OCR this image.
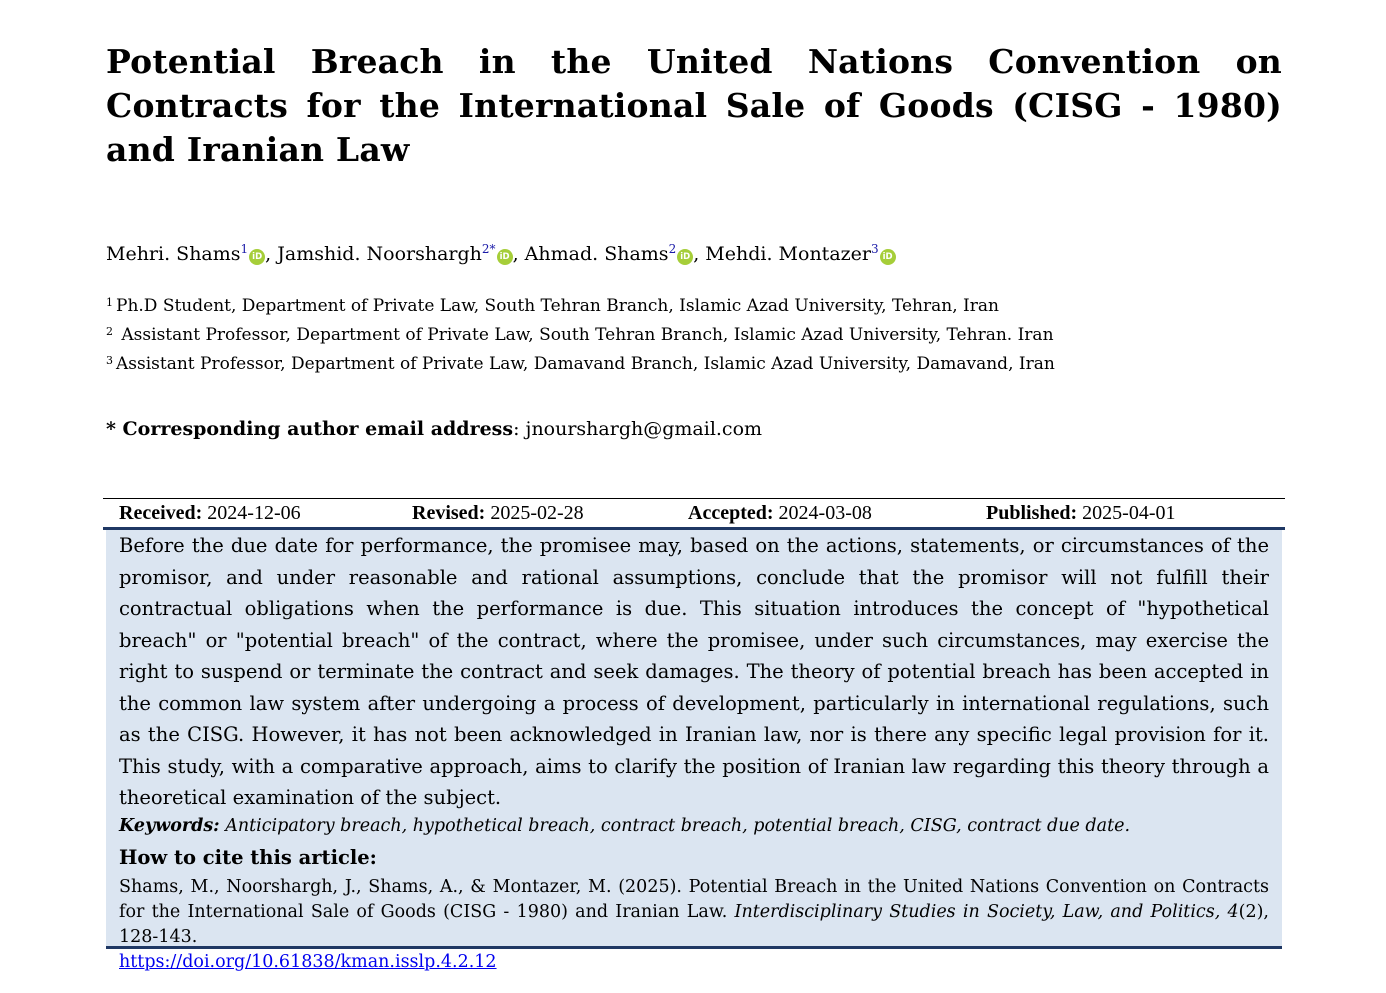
Potential Breach in the United Nations Convention on Contracts for the International Sale of Goods (CISG - 1980) and Iranian Law
Mehri. Shams$^1$iD , Jamshid. Noorshargh$^{2*}$iD , Ahmad. Shams$^2$iD , Mehdi. Montazer$^3$iD
$^1$ Ph.D Student, Department of Private Law, South Tehran Branch, Islamic Azad University, Tehran, Iran
$^2$ Assistant Professor, Department of Private Law, South Tehran Branch, Islamic Azad University, Tehran. Iran
$^3$ Assistant Professor, Department of Private Law, Damavand Branch, Islamic Azad University, Damavand, Iran
* Corresponding author email address: jnourshargh@gmail.com
Received: 2024-12-06	Revised: 2025-02-28	Accepted: 2024-03-08	Published: 2025-04-01

Before the due date for performance, the promisee may, based on the actions, statements, or circumstances of the promisor, and under reasonable and rational assumptions, conclude that the promisor will not fulfill their contractual obligations when the performance is due. This situation introduces the concept of "hypothetical breach" or "potential breach" of the contract, where the promisee, under such circumstances, may exercise the right to suspend or terminate the contract and seek damages. The theory of potential breach has been accepted in the common law system after undergoing a process of development, particularly in international regulations, such as the CISG. However, it has not been acknowledged in Iranian law, nor is there any specific legal provision for it. This study, with a comparative approach, aims to clarify the position of Iranian law regarding this theory through a theoretical examination of the subject.

Keywords: Anticipatory breach, hypothetical breach, contract breach, potential breach, CISG, contract due date.

How to cite this article:

Shams, M., Noorshargh, J., Shams, A., & Montazer, M. (2025). Potential Breach in the United Nations Convention on Contracts for the International Sale of Goods (CISG - 1980) and Iranian Law. Interdisciplinary Studies in Society, Law, and Politics, 4(2), 128-143.
https://doi.org/10.61838/kman.isslp.4.2.12
